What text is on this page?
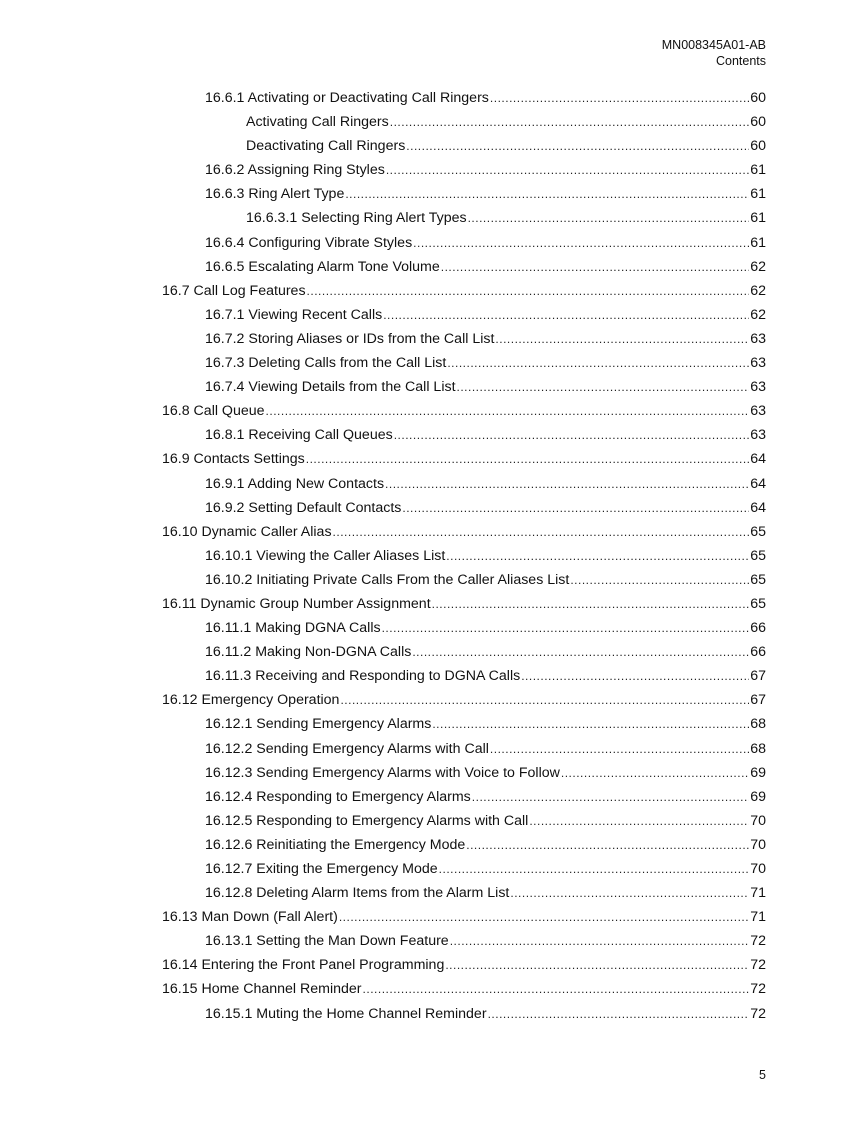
MN008345A01-AB
Contents
16.6.1 Activating or Deactivating Call Ringers .....	60
Activating Call Ringers .....	60
Deactivating Call Ringers .....	60
16.6.2 Assigning Ring Styles .....	61
16.6.3 Ring Alert Type .....	61
16.6.3.1 Selecting Ring Alert Types .....	61
16.6.4 Configuring Vibrate Styles .....	61
16.6.5 Escalating Alarm Tone Volume .....	62
16.7 Call Log Features .....	62
16.7.1 Viewing Recent Calls .....	62
16.7.2 Storing Aliases or IDs from the Call List .....	63
16.7.3 Deleting Calls from the Call List .....	63
16.7.4 Viewing Details from the Call List .....	63
16.8 Call Queue .....	63
16.8.1 Receiving Call Queues .....	63
16.9 Contacts Settings .....	64
16.9.1 Adding New Contacts .....	64
16.9.2 Setting Default Contacts .....	64
16.10 Dynamic Caller Alias .....	65
16.10.1 Viewing the Caller Aliases List .....	65
16.10.2 Initiating Private Calls From the Caller Aliases List .....	65
16.11 Dynamic Group Number Assignment .....	65
16.11.1 Making DGNA Calls .....	66
16.11.2 Making Non-DGNA Calls .....	66
16.11.3 Receiving and Responding to DGNA Calls .....	67
16.12 Emergency Operation .....	67
16.12.1 Sending Emergency Alarms .....	68
16.12.2 Sending Emergency Alarms with Call .....	68
16.12.3 Sending Emergency Alarms with Voice to Follow .....	69
16.12.4 Responding to Emergency Alarms .....	69
16.12.5 Responding to Emergency Alarms with Call .....	70
16.12.6 Reinitiating the Emergency Mode .....	70
16.12.7 Exiting the Emergency Mode .....	70
16.12.8 Deleting Alarm Items from the Alarm List .....	71
16.13 Man Down (Fall Alert) .....	71
16.13.1 Setting the Man Down Feature .....	72
16.14 Entering the Front Panel Programming .....	72
16.15 Home Channel Reminder .....	72
16.15.1 Muting the Home Channel Reminder .....	72
5
